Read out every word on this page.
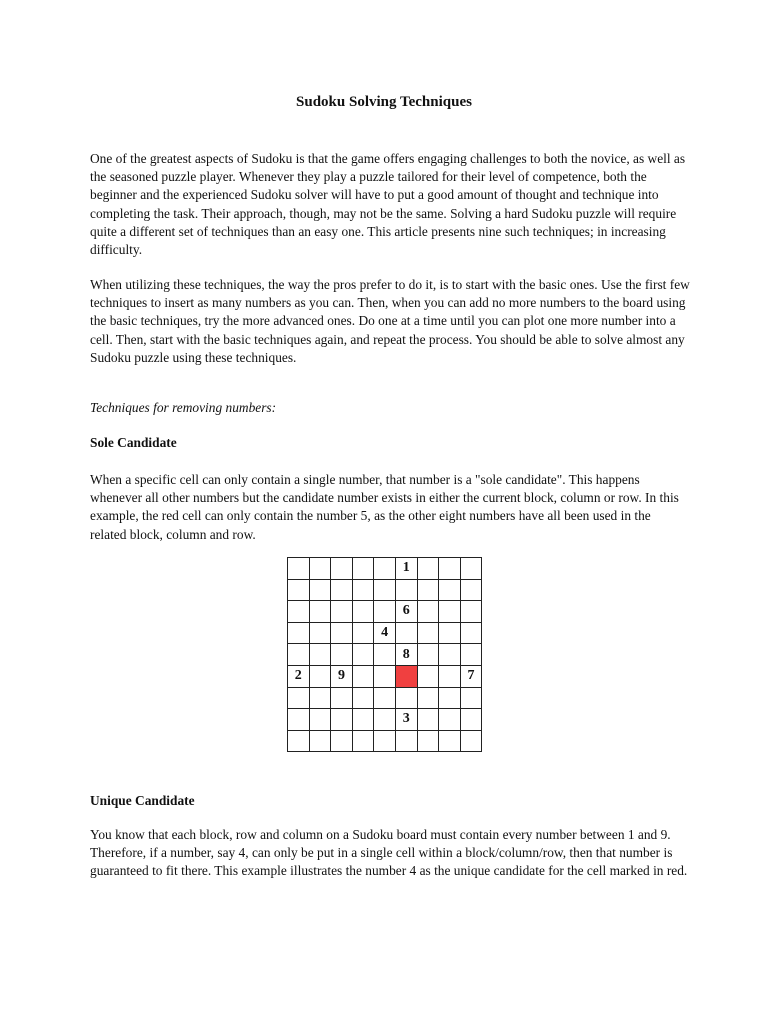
Sudoku Solving Techniques

One of the greatest aspects of Sudoku is that the game offers engaging challenges to both the novice, as well as the seasoned puzzle player. Whenever they play a puzzle tailored for their level of competence, both the beginner and the experienced Sudoku solver will have to put a good amount of thought and technique into completing the task. Their approach, though, may not be the same. Solving a hard Sudoku puzzle will require quite a different set of techniques than an easy one. This article presents nine such techniques; in increasing difficulty.

When utilizing these techniques, the way the pros prefer to do it, is to start with the basic ones. Use the first few techniques to insert as many numbers as you can. Then, when you can add no more numbers to the board using the basic techniques, try the more advanced ones. Do one at a time until you can plot one more number into a cell. Then, start with the basic techniques again, and repeat the process. You should be able to solve almost any Sudoku puzzle using these techniques.

Techniques for removing numbers:

Sole Candidate

When a specific cell can only contain a single number, that number is a "sole candidate". This happens whenever all other numbers but the candidate number exists in either the current block, column or row. In this example, the red cell can only contain the number 5, as the other eight numbers have all been used in the related block, column and row.

1
6
4
8
2	9	7
3

Unique Candidate

You know that each block, row and column on a Sudoku board must contain every number between 1 and 9. Therefore, if a number, say 4, can only be put in a single cell within a block/column/row, then that number is guaranteed to fit there. This example illustrates the number 4 as the unique candidate for the cell marked in red.
